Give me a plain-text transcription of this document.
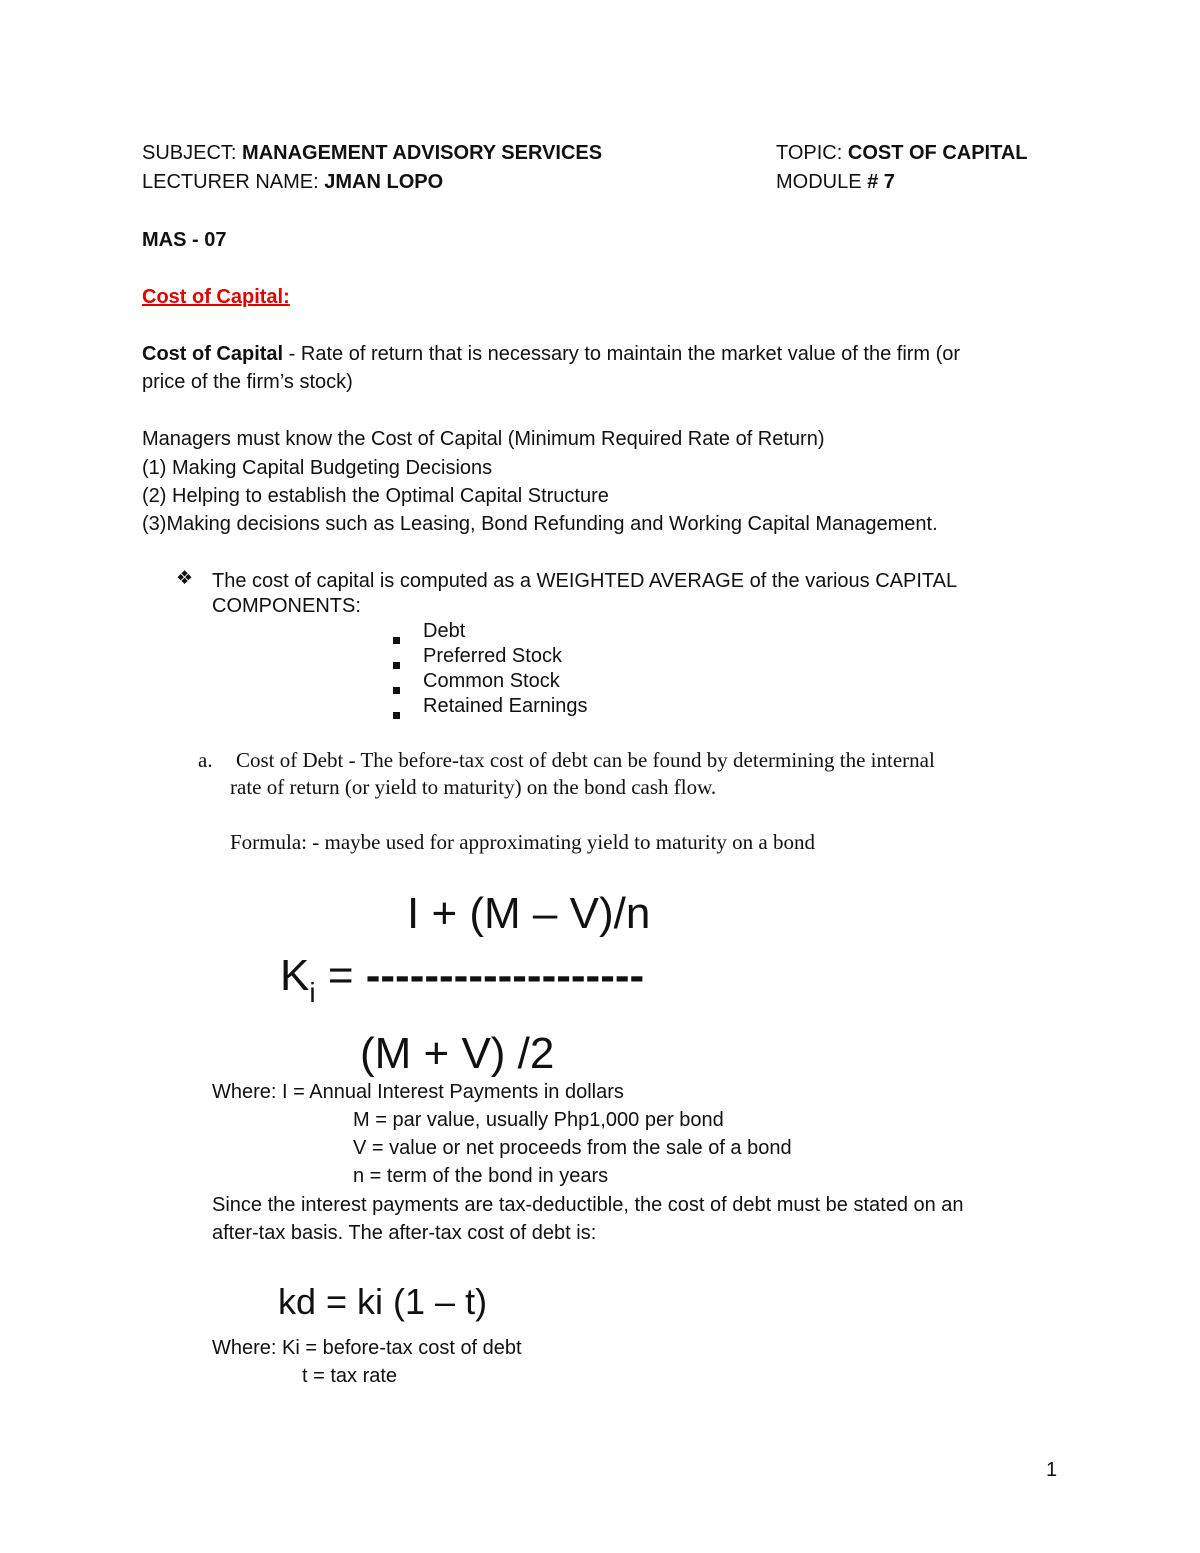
SUBJECT: MANAGEMENT ADVISORY SERVICES	TOPIC: COST OF CAPITAL
LECTURER NAME: JMAN LOPO	MODULE # 7
MAS - 07
Cost of Capital:
Cost of Capital - Rate of return that is necessary to maintain the market value of the firm (or
price of the firm’s stock)
Managers must know the Cost of Capital (Minimum Required Rate of Return)
(1) Making Capital Budgeting Decisions
(2) Helping to establish the Optimal Capital Structure
(3)Making decisions such as Leasing, Bond Refunding and Working Capital Management.
❖ The cost of capital is computed as a WEIGHTED AVERAGE of the various CAPITAL
COMPONENTS:
Debt
Preferred Stock
Common Stock
Retained Earnings
a. Cost of Debt - The before-tax cost of debt can be found by determining the internal
rate of return (or yield to maturity) on the bond cash flow.
Formula: - maybe used for approximating yield to maturity on a bond
I + (M – V)/n
$K_i$ = -------------------
(M + V) /2
Where: I = Annual Interest Payments in dollars
M = par value, usually Php1,000 per bond
V = value or net proceeds from the sale of a bond
n = term of the bond in years
Since the interest payments are tax-deductible, the cost of debt must be stated on an
after-tax basis. The after-tax cost of debt is:
kd = ki (1 – t)
Where: Ki = before-tax cost of debt
t = tax rate
1
